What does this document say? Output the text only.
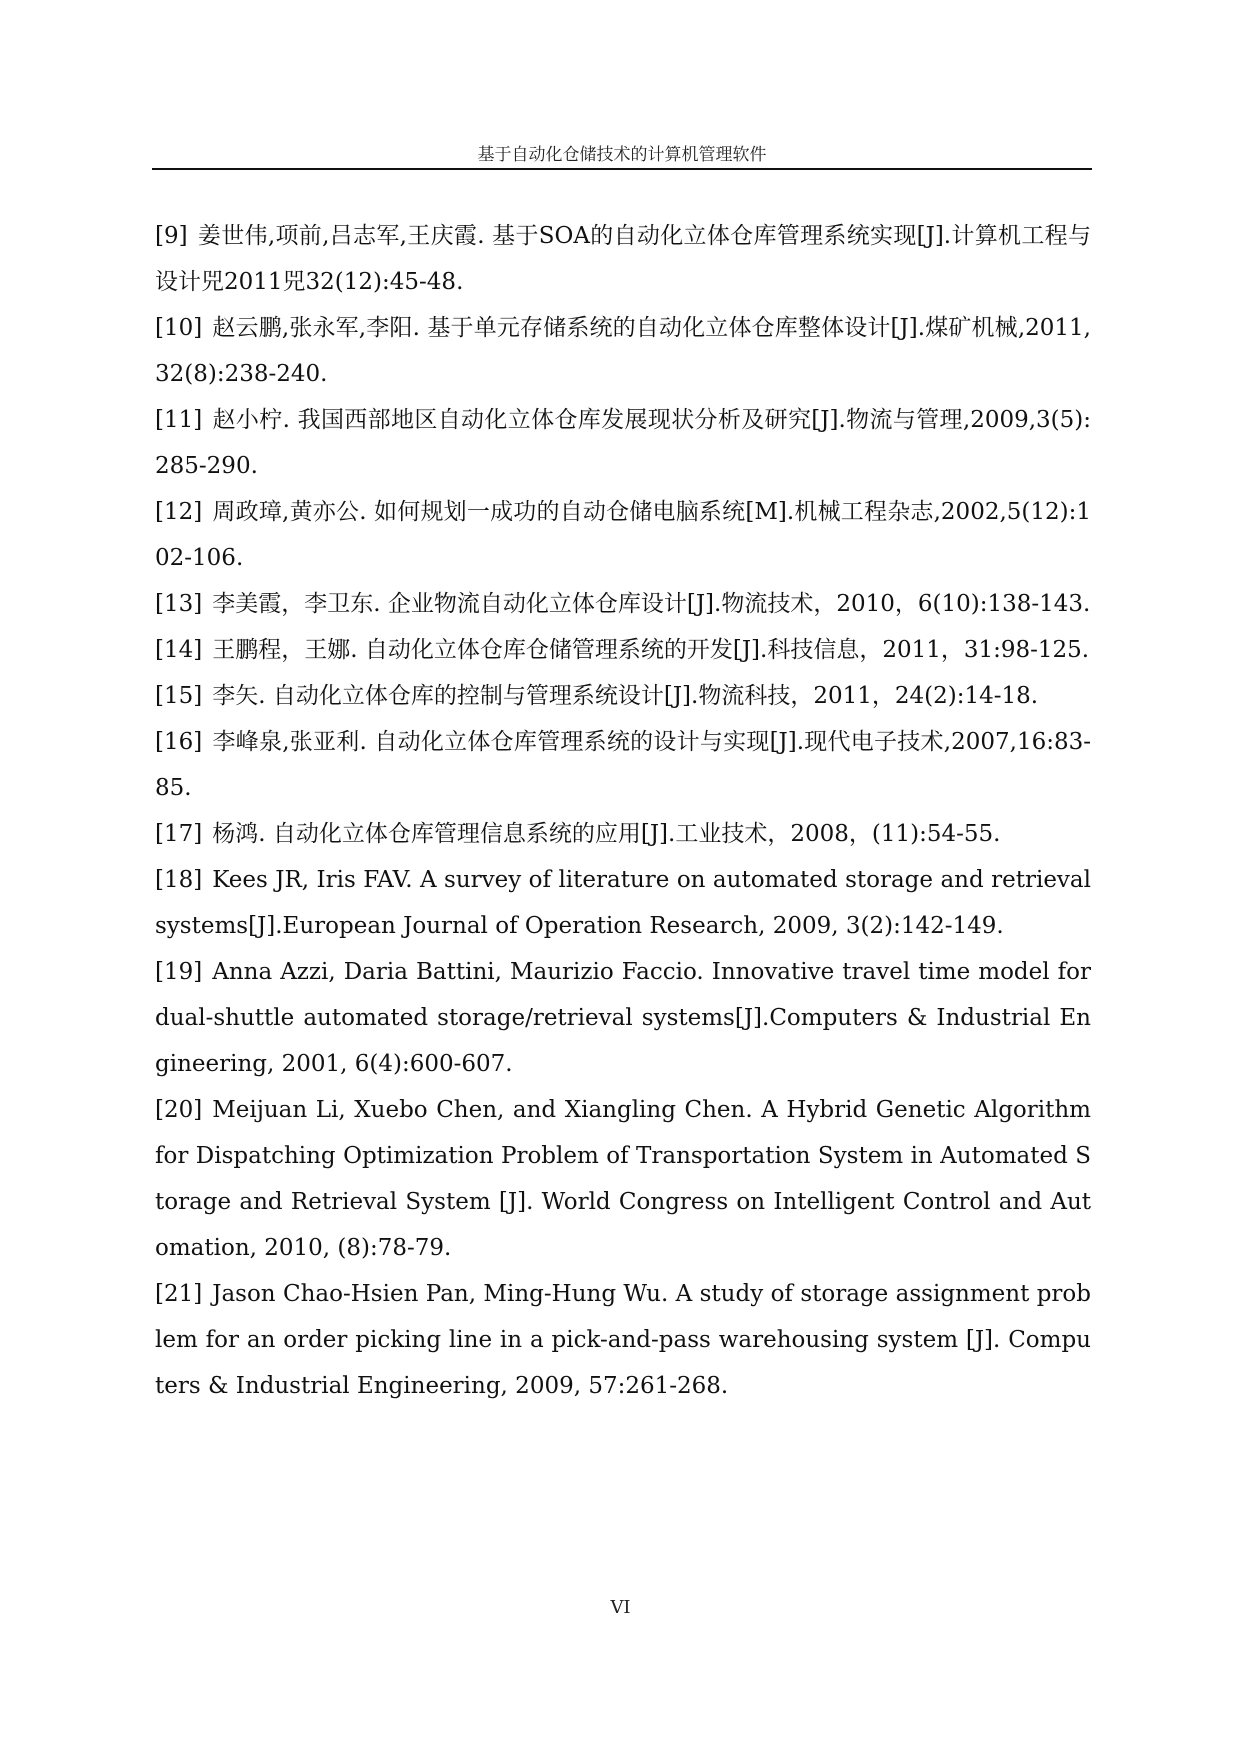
基于自动化仓储技术的计算机管理软件

[9] 姜世伟,项前,吕志军,王庆霞. 基于SOA的自动化立体仓库管理系统实现[J].计算机工程与设计兕2011兕32(12):45-48.

[10] 赵云鹏,张永军,李阳. 基于单元存储系统的自动化立体仓库整体设计[J].煤矿机械,2011,32(8):238-240.

[11] 赵小柠. 我国西部地区自动化立体仓库发展现状分析及研究[J].物流与管理,2009,3(5):285-290.

[12] 周政璋,黄亦公. 如何规划一成功的自动仓储电脑系统[M].机械工程杂志,2002,5(12):102-106.

[13] 李美霞，李卫东. 企业物流自动化立体仓库设计[J].物流技术，2010，6(10):138-143.

[14] 王鹏程，王娜. 自动化立体仓库仓储管理系统的开发[J].科技信息，2011，31:98-125.

[15] 李矢. 自动化立体仓库的控制与管理系统设计[J].物流科技，2011，24(2):14-18.

[16] 李峰泉,张亚利. 自动化立体仓库管理系统的设计与实现[J].现代电子技术,2007,16:83-85.

[17] 杨鸿. 自动化立体仓库管理信息系统的应用[J].工业技术，2008，(11):54-55.

[18] Kees JR, Iris FAV. A survey of literature on automated storage and retrieval systems[J].European Journal of Operation Research, 2009, 3(2):142-149.

[19] Anna Azzi, Daria Battini, Maurizio Faccio. Innovative travel time model for dual-shuttle automated storage/retrieval systems[J].Computers & Industrial Engineering, 2001, 6(4):600-607.

[20] Meijuan Li, Xuebo Chen, and Xiangling Chen. A Hybrid Genetic Algorithm for Dispatching Optimization Problem of Transportation System in Automated Storage and Retrieval System [J]. World Congress on Intelligent Control and Automation, 2010, (8):78-79.

[21] Jason Chao-Hsien Pan, Ming-Hung Wu. A study of storage assignment problem for an order picking line in a pick-and-pass warehousing system [J]. Computers & Industrial Engineering, 2009, 57:261-268.

VI
